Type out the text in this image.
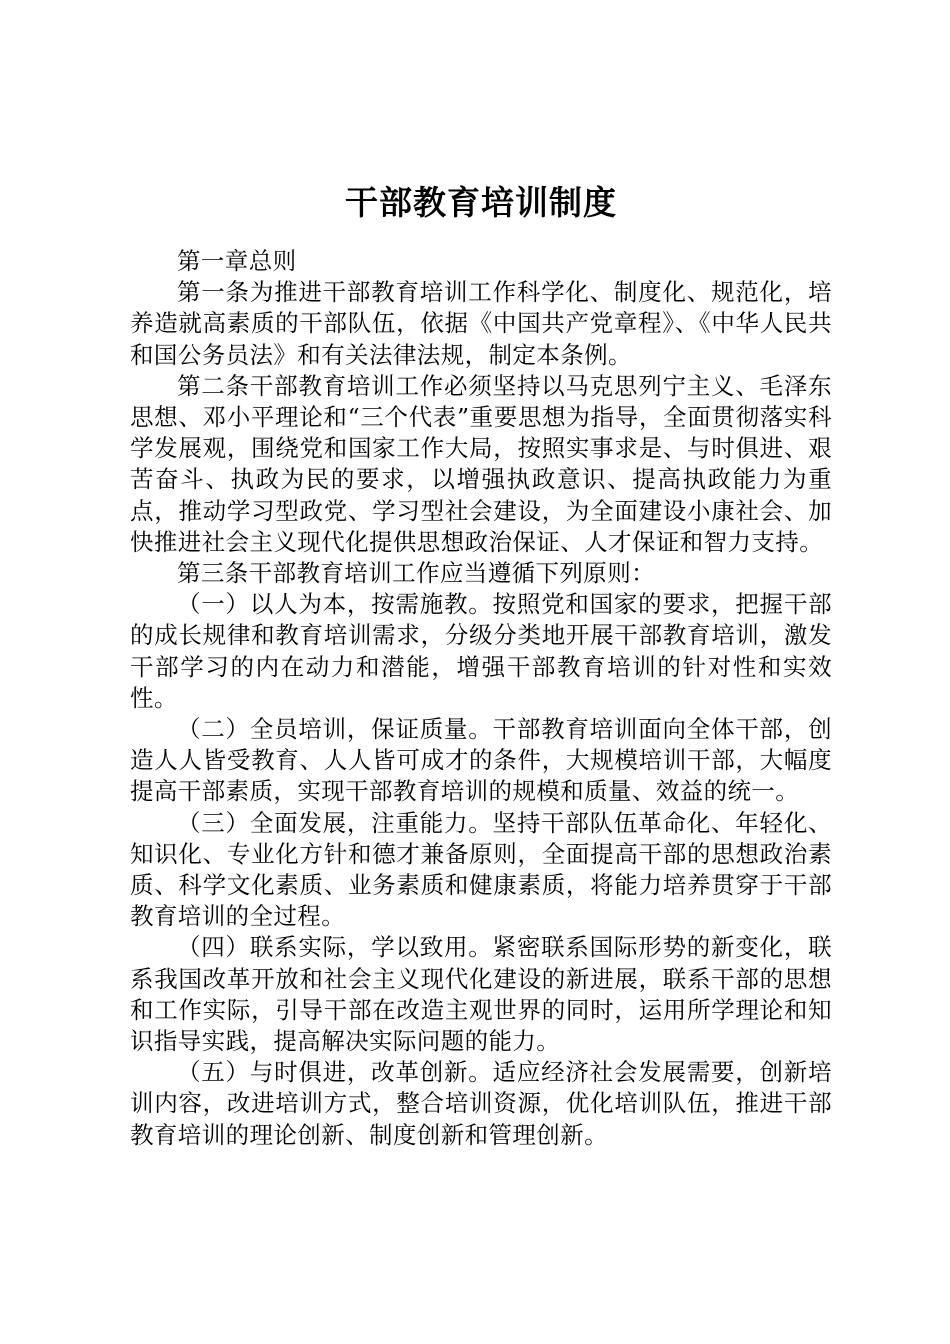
干部教育培训制度

第一章总则

第一条为推进干部教育培训工作科学化、制度化、规范化，培养造就高素质的干部队伍，依据《中国共产党章程》、《中华人民共和国公务员法》和有关法律法规，制定本条例。

第二条干部教育培训工作必须坚持以马克思列宁主义、毛泽东思想、邓小平理论和“三个代表”重要思想为指导，全面贯彻落实科学发展观，围绕党和国家工作大局，按照实事求是、与时俱进、艰苦奋斗、执政为民的要求，以增强执政意识、提高执政能力为重点，推动学习型政党、学习型社会建设，为全面建设小康社会、加快推进社会主义现代化提供思想政治保证、人才保证和智力支持。

第三条干部教育培训工作应当遵循下列原则：

（一）以人为本，按需施教。按照党和国家的要求，把握干部的成长规律和教育培训需求，分级分类地开展干部教育培训，激发干部学习的内在动力和潜能，增强干部教育培训的针对性和实效性。

（二）全员培训，保证质量。干部教育培训面向全体干部，创造人人皆受教育、人人皆可成才的条件，大规模培训干部，大幅度提高干部素质，实现干部教育培训的规模和质量、效益的统一。

（三）全面发展，注重能力。坚持干部队伍革命化、年轻化、知识化、专业化方针和德才兼备原则，全面提高干部的思想政治素质、科学文化素质、业务素质和健康素质，将能力培养贯穿于干部教育培训的全过程。

（四）联系实际，学以致用。紧密联系国际形势的新变化，联系我国改革开放和社会主义现代化建设的新进展，联系干部的思想和工作实际，引导干部在改造主观世界的同时，运用所学理论和知识指导实践，提高解决实际问题的能力。

（五）与时俱进，改革创新。适应经济社会发展需要，创新培训内容，改进培训方式，整合培训资源，优化培训队伍，推进干部教育培训的理论创新、制度创新和管理创新。
